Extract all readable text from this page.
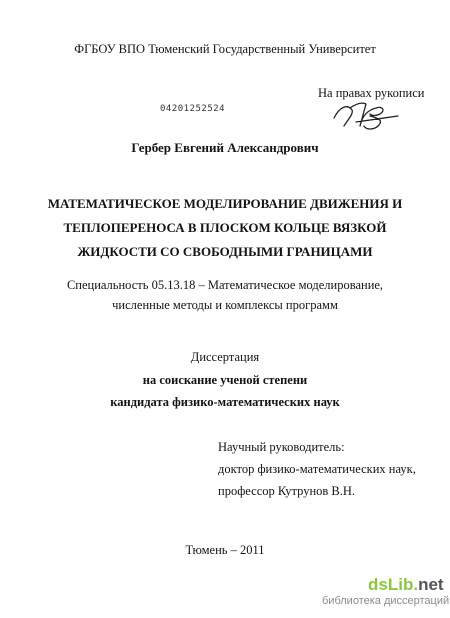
ФГБОУ ВПО Тюменский Государственный Университет
На правах рукописи
04201252524
Гербер Евгений Александрович
МАТЕМАТИЧЕСКОЕ МОДЕЛИРОВАНИЕ ДВИЖЕНИЯ И
ТЕПЛОПЕРЕНОСА В ПЛОСКОМ КОЛЬЦЕ ВЯЗКОЙ
ЖИДКОСТИ СО СВОБОДНЫМИ ГРАНИЦАМИ
Специальность 05.13.18 – Математическое моделирование,
численные методы и комплексы программ
Диссертация
на соискание ученой степени
кандидата физико-математических наук
Научный руководитель:
доктор физико-математических наук,
профессор Кутрунов В.Н.
Тюмень – 2011
dsLib.net
библиотека диссертаций
